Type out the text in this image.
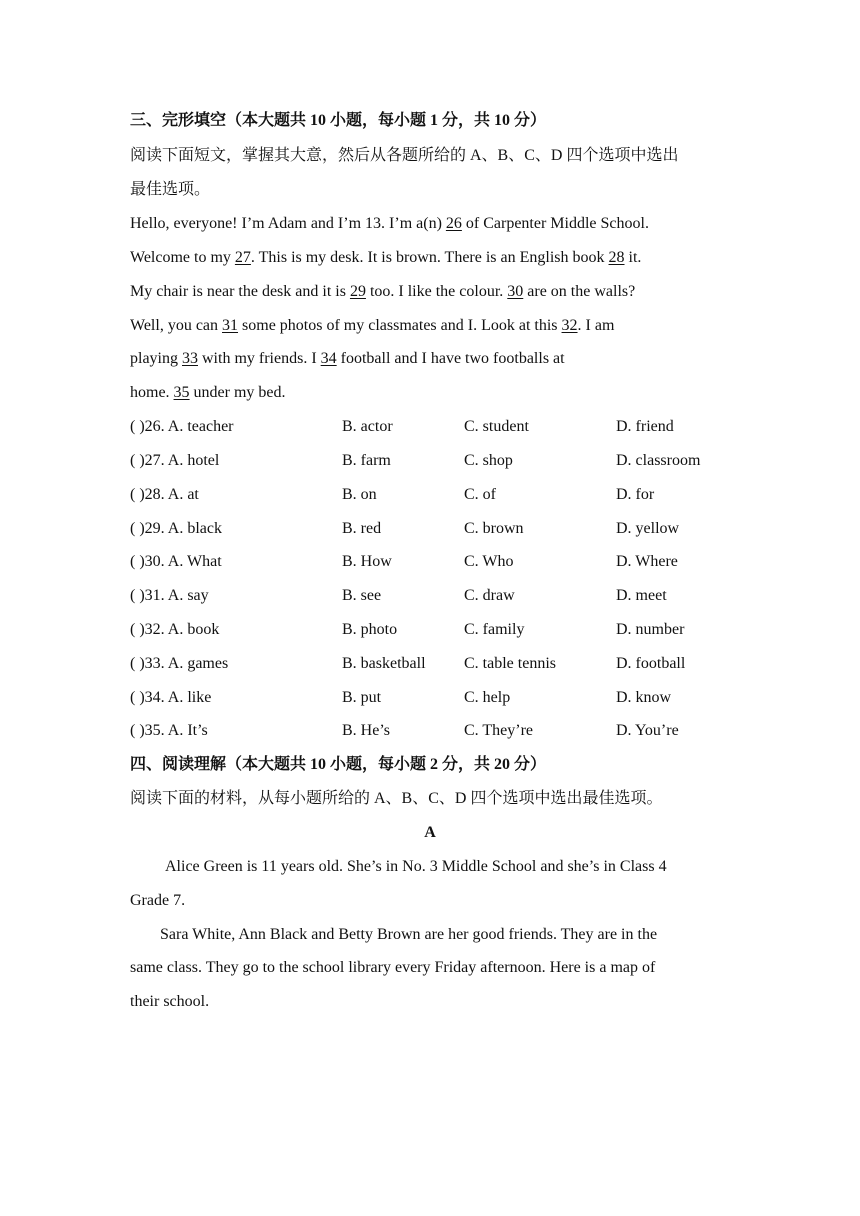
三、完形填空（本大题共 10 小题，每小题 1 分，共 10 分）
阅读下面短文，掌握其大意，然后从各题所给的 A、B、C、D 四个选项中选出
最佳选项。
Hello, everyone! I’m Adam and I’m 13. I’m a(n) 26 of Carpenter Middle School.
Welcome to my 27. This is my desk. It is brown. There is an English book 28 it.
My chair is near the desk and it is 29 too. I like the colour. 30 are on the walls?
Well, you can 31 some photos of my classmates and I. Look at this 32. I am
playing 33 with my friends. I 34 football and I have two footballs at
home. 35 under my bed.
( )26. A. teacher	B. actor	C. student	D. friend
( )27. A. hotel	B. farm	C. shop	D. classroom
( )28. A. at	B. on	C. of	D. for
( )29. A. black	B. red	C. brown	D. yellow
( )30. A. What	B. How	C. Who	D. Where
( )31. A. say	B. see	C. draw	D. meet
( )32. A. book	B. photo	C. family	D. number
( )33. A. games	B. basketball C. table tennis	D. football
( )34. A. like	B. put	C. help	D. know
( )35. A. It’s	B. He’s	C. They’re	D. You’re
四、阅读理解（本大题共 10 小题，每小题 2 分，共 20 分）
阅读下面的材料，从每小题所给的 A、B、C、D 四个选项中选出最佳选项。
A
Alice Green is 11 years old. She’s in No. 3 Middle School and she’s in Class 4
Grade 7.
Sara White, Ann Black and Betty Brown are her good friends. They are in the
same class. They go to the school library every Friday afternoon. Here is a map of
their school.
